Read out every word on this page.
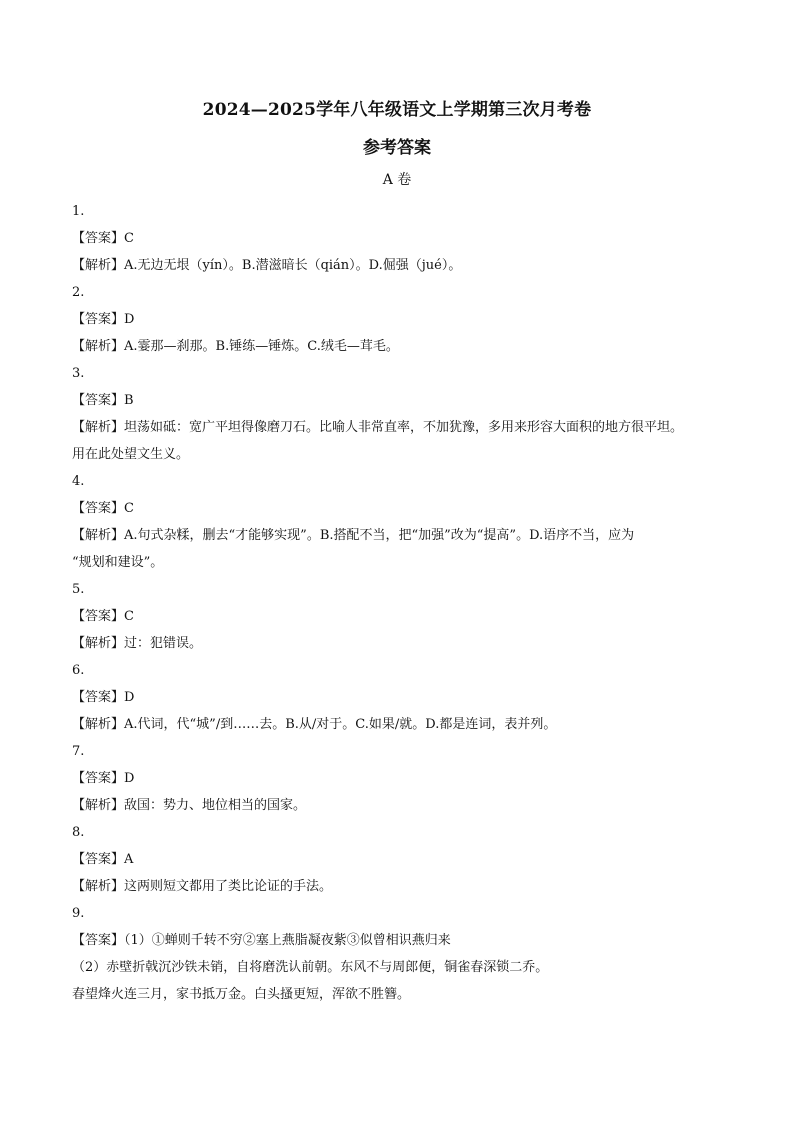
2024—2025学年八年级语文上学期第三次月考卷
参考答案
A 卷
1.
【答案】C
【解析】A.无边无垠（yín）。B.潜滋暗长（qián）。D.倔强（jué）。
2.
【答案】D
【解析】A.霎那—刹那。B.锤练—锤炼。C.绒毛—茸毛。
3.
【答案】B
【解析】坦荡如砥：宽广平坦得像磨刀石。比喻人非常直率，不加犹豫，多用来形容大面积的地方很平坦。
用在此处望文生义。
4.
【答案】C
【解析】A.句式杂糅，删去“才能够实现”。B.搭配不当，把“加强”改为“提高”。D.语序不当，应为
“规划和建设”。
5.
【答案】C
【解析】过：犯错误。
6.
【答案】D
【解析】A.代词，代“城”/到……去。B.从/对于。C.如果/就。D.都是连词，表并列。
7.
【答案】D
【解析】敌国：势力、地位相当的国家。
8.
【答案】A
【解析】这两则短文都用了类比论证的手法。
9.
【答案】（1）①蝉则千转不穷②塞上燕脂凝夜紫③似曾相识燕归来
（2）赤壁折戟沉沙铁未销，自将磨洗认前朝。东风不与周郎便，铜雀春深锁二乔。
春望烽火连三月，家书抵万金。白头搔更短，浑欲不胜簪。
